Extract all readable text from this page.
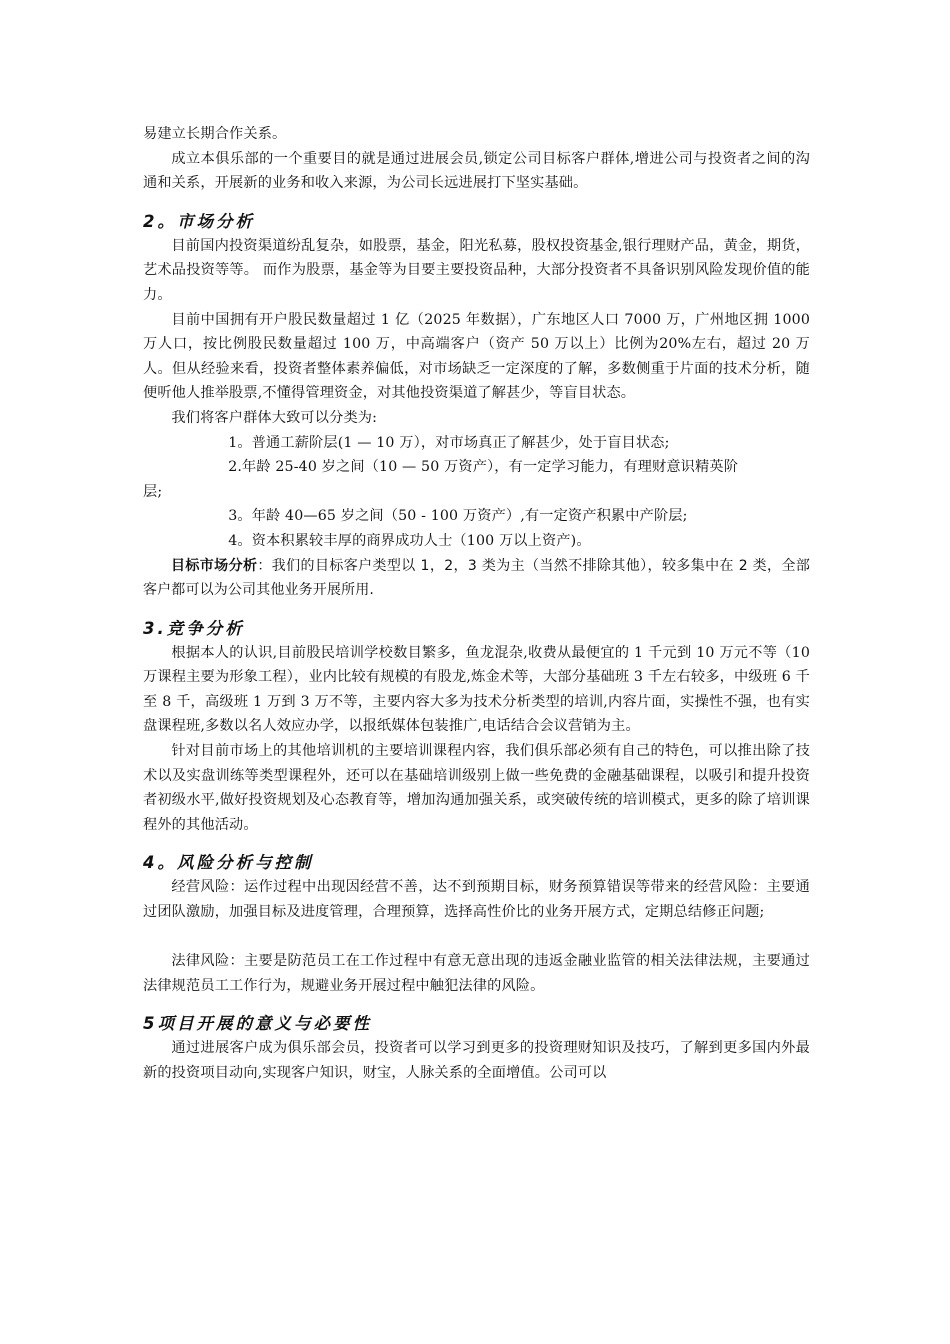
易建立长期合作关系。

成立本俱乐部的一个重要目的就是通过进展会员,锁定公司目标客户群体,增进公司与投资者之间的沟通和关系，开展新的业务和收入来源，为公司长远进展打下坚实基础。

2。市场分析

目前国内投资渠道纷乱复杂，如股票，基金，阳光私募，股权投资基金,银行理财产品，黄金，期货，艺术品投资等等。 而作为股票，基金等为目要主要投资品种，大部分投资者不具备识别风险发现价值的能力。

目前中国拥有开户股民数量超过 1 亿（2025 年数据），广东地区人口 7000 万，广州地区拥 1000 万人口，按比例股民数量超过 100 万，中高端客户（资产 50 万以上）比例为20%左右，超过 20 万人。但从经验来看，投资者整体素养偏低，对市场缺乏一定深度的了解，多数侧重于片面的技术分析，随便听他人推举股票,不懂得管理资金，对其他投资渠道了解甚少，等盲目状态。

我们将客户群体大致可以分类为:

1。普通工薪阶层(1 — 10 万），对市场真正了解甚少，处于盲目状态;

2.年龄 25-40 岁之间（10 — 50 万资产），有一定学习能力，有理财意识精英阶

层;

3。年龄 40—65 岁之间（50 - 100 万资产）,有一定资产积累中产阶层;

4。资本积累较丰厚的商界成功人士（100 万以上资产)。

目标市场分析：我们的目标客户类型以 1，2，3 类为主（当然不排除其他），较多集中在 2 类，全部客户都可以为公司其他业务开展所用.

3.竞争分析

根据本人的认识,目前股民培训学校数目繁多，鱼龙混杂,收费从最便宜的 1 千元到 10 万元不等（10 万课程主要为形象工程），业内比较有规模的有股龙,炼金术等，大部分基础班 3 千左右较多，中级班 6 千至 8 千，高级班 1 万到 3 万不等，主要内容大多为技术分析类型的培训,内容片面，实操性不强，也有实盘课程班,多数以名人效应办学，以报纸媒体包装推广,电话结合会议营销为主。

针对目前市场上的其他培训机的主要培训课程内容，我们俱乐部必须有自己的特色，可以推出除了技术以及实盘训练等类型课程外，还可以在基础培训级别上做一些免费的金融基础课程，以吸引和提升投资者初级水平,做好投资规划及心态教育等，增加沟通加强关系，或突破传统的培训模式，更多的除了培训课程外的其他活动。

4。风险分析与控制

经营风险：运作过程中出现因经营不善，达不到预期目标，财务预算错误等带来的经营风险：主要通过团队激励，加强目标及进度管理，合理预算，选择高性价比的业务开展方式，定期总结修正问题;

法律风险：主要是防范员工在工作过程中有意无意出现的违返金融业监管的相关法律法规，主要通过法律规范员工工作行为，规避业务开展过程中触犯法律的风险。

5项目开展的意义与必要性

通过进展客户成为俱乐部会员，投资者可以学习到更多的投资理财知识及技巧，了解到更多国内外最新的投资项目动向,实现客户知识，财宝，人脉关系的全面增值。公司可以
